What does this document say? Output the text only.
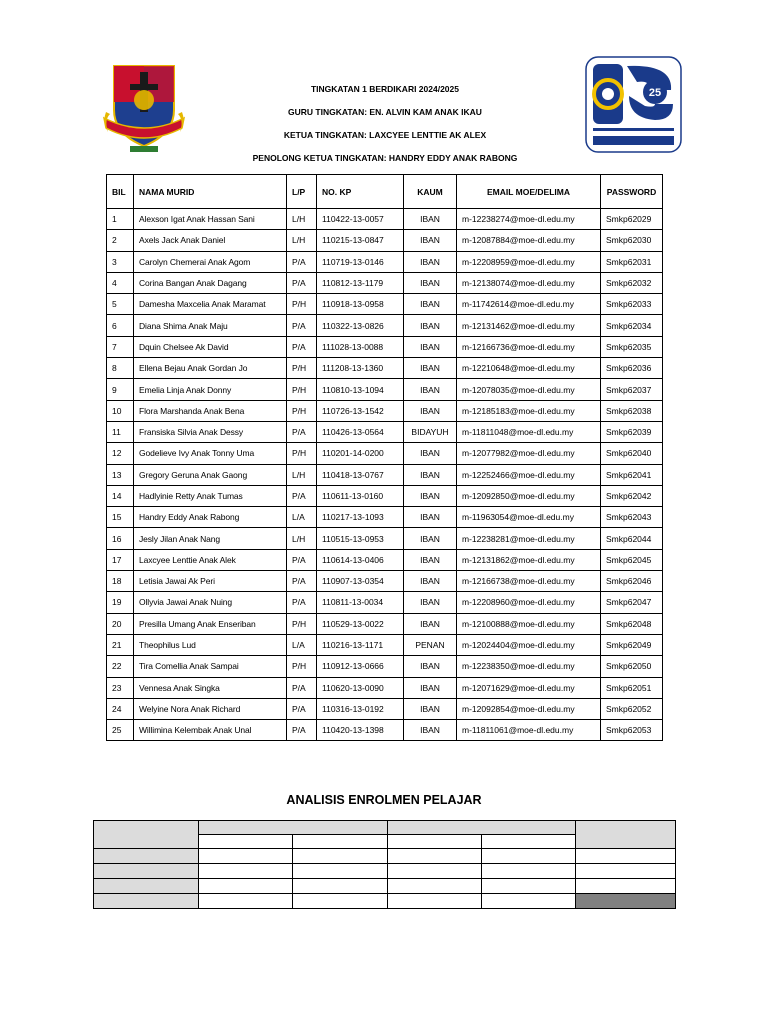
TINGKATAN 1 BERDIKARI 2024/2025
GURU TINGKATAN: EN. ALVIN KAM ANAK IKAU
KETUA TINGKATAN: LAXCYEE LENTTIE AK ALEX
PENOLONG KETUA TINGKATAN: HANDRY EDDY ANAK RABONG
25
BIL	NAMA MURID	L/P	NO. KP	KAUM	EMAIL MOE/DELIMA	PASSWORD
1	Alexson Igat Anak Hassan Sani	L/H	110422-13-0057	IBAN	m-12238274@moe-dl.edu.my	Smkp62029
2	Axels Jack Anak Daniel	L/H	110215-13-0847	IBAN	m-12087884@moe-dl.edu.my	Smkp62030
3	Carolyn Chemerai Anak Agom	P/A	110719-13-0146	IBAN	m-12208959@moe-dl.edu.my	Smkp62031
4	Corina Bangan Anak Dagang	P/A	110812-13-1179	IBAN	m-12138074@moe-dl.edu.my	Smkp62032
5	Damesha Maxcelia Anak Maramat	P/H	110918-13-0958	IBAN	m-11742614@moe-dl.edu.my	Smkp62033
6	Diana Shima Anak Maju	P/A	110322-13-0826	IBAN	m-12131462@moe-dl.edu.my	Smkp62034
7	Dquin Chelsee Ak David	P/A	111028-13-0088	IBAN	m-12166736@moe-dl.edu.my	Smkp62035
8	Ellena Bejau Anak Gordan Jo	P/H	111208-13-1360	IBAN	m-12210648@moe-dl.edu.my	Smkp62036
9	Emelia Linja Anak Donny	P/H	110810-13-1094	IBAN	m-12078035@moe-dl.edu.my	Smkp62037
10	Flora Marshanda Anak Bena	P/H	110726-13-1542	IBAN	m-12185183@moe-dl.edu.my	Smkp62038
11	Fransiska Silvia Anak Dessy	P/A	110426-13-0564	BIDAYUH	m-11811048@moe-dl.edu.my	Smkp62039
12	Godelieve Ivy Anak Tonny Uma	P/H	110201-14-0200	IBAN	m-12077982@moe-dl.edu.my	Smkp62040
13	Gregory Geruna Anak Gaong	L/H	110418-13-0767	IBAN	m-12252466@moe-dl.edu.my	Smkp62041
14	Hadlyinie Retty Anak Tumas	P/A	110611-13-0160	IBAN	m-12092850@moe-dl.edu.my	Smkp62042
15	Handry Eddy Anak Rabong	L/A	110217-13-1093	IBAN	m-11963054@moe-dl.edu.my	Smkp62043
16	Jesly Jilan Anak Nang	L/H	110515-13-0953	IBAN	m-12238281@moe-dl.edu.my	Smkp62044
17	Laxcyee Lenttie Anak Alek	P/A	110614-13-0406	IBAN	m-12131862@moe-dl.edu.my	Smkp62045
18	Letisia Jawai Ak Peri	P/A	110907-13-0354	IBAN	m-12166738@moe-dl.edu.my	Smkp62046
19	Ollyvia Jawai Anak Nuing	P/A	110811-13-0034	IBAN	m-12208960@moe-dl.edu.my	Smkp62047
20	Presilla Umang Anak Enseriban	P/H	110529-13-0022	IBAN	m-12100888@moe-dl.edu.my	Smkp62048
21	Theophilus Lud	L/A	110216-13-1171	PENAN	m-12024404@moe-dl.edu.my	Smkp62049
22	Tira Comellia Anak Sampai	P/H	110912-13-0666	IBAN	m-12238350@moe-dl.edu.my	Smkp62050
23	Vennesa Anak Singka	P/A	110620-13-0090	IBAN	m-12071629@moe-dl.edu.my	Smkp62051
24	Welyine Nora Anak Richard	P/A	110316-13-0192	IBAN	m-12092854@moe-dl.edu.my	Smkp62052
25	Willimina Kelembak Anak Unal	P/A	110420-13-1398	IBAN	m-11811061@moe-dl.edu.my	Smkp62053
ANALISIS ENROLMEN PELAJAR
